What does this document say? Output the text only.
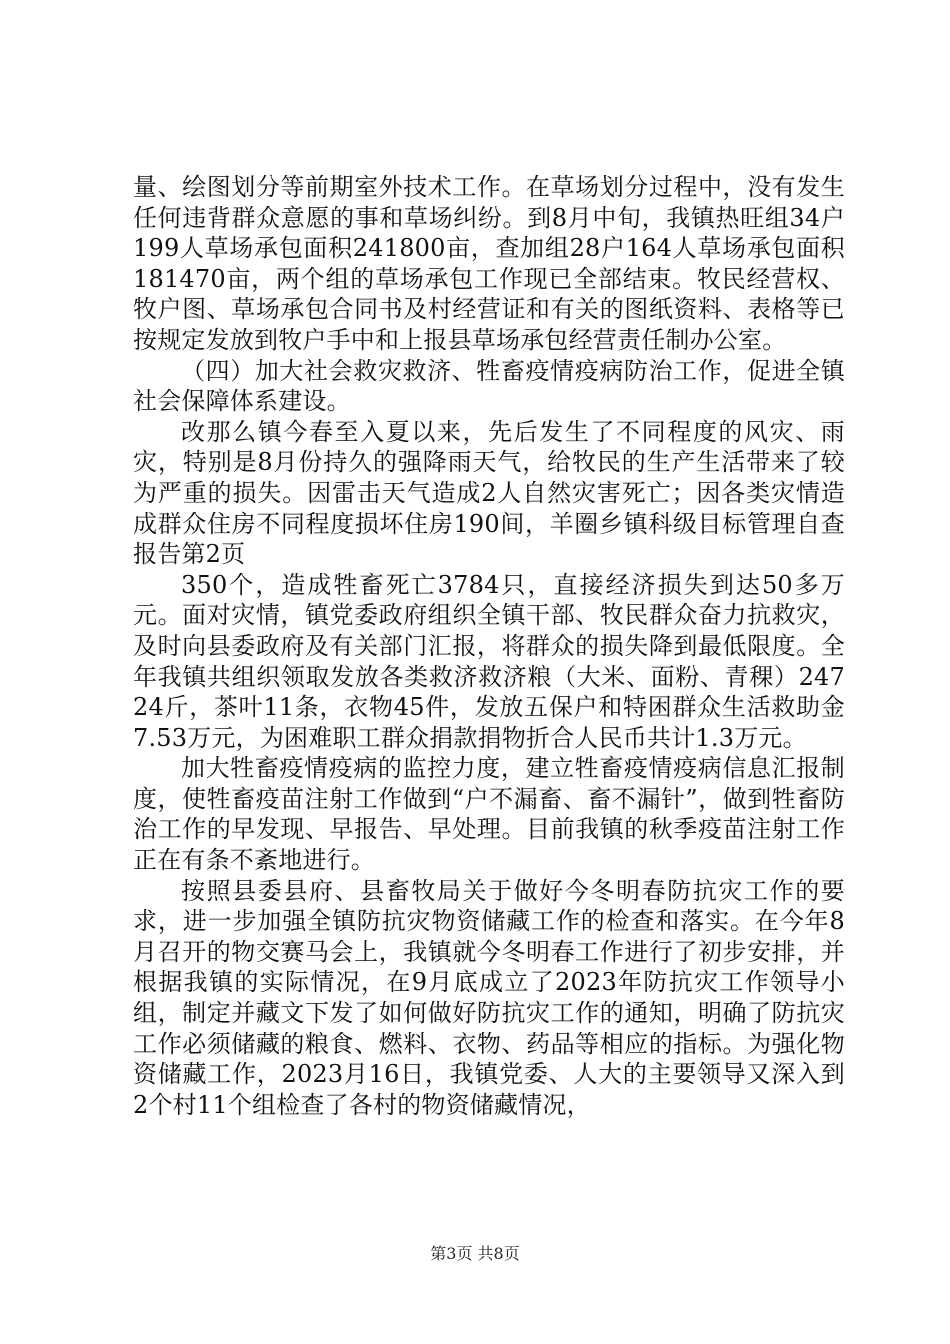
量、绘图划分等前期室外技术工作。在草场划分过程中，没有发生任何违背群众意愿的事和草场纠纷。到8月中旬，我镇热旺组34户199人草场承包面积241800亩，查加组28户164人草场承包面积181470亩，两个组的草场承包工作现已全部结束。牧民经营权、牧户图、草场承包合同书及村经营证和有关的图纸资料、表格等已按规定发放到牧户手中和上报县草场承包经营责任制办公室。

（四）加大社会救灾救济、牲畜疫情疫病防治工作，促进全镇社会保障体系建设。

改那么镇今春至入夏以来，先后发生了不同程度的风灾、雨灾，特别是8月份持久的强降雨天气，给牧民的生产生活带来了较为严重的损失。因雷击天气造成2人自然灾害死亡；因各类灾情造成群众住房不同程度损坏住房190间，羊圈乡镇科级目标管理自查报告第2页

350个，造成牲畜死亡3784只，直接经济损失到达50多万元。面对灾情，镇党委政府组织全镇干部、牧民群众奋力抗救灾，及时向县委政府及有关部门汇报，将群众的损失降到最低限度。全年我镇共组织领取发放各类救济救济粮（大米、面粉、青稞）24724斤，茶叶11条，衣物45件，发放五保户和特困群众生活救助金7.53万元，为困难职工群众捐款捐物折合人民币共计1.3万元。

加大牲畜疫情疫病的监控力度，建立牲畜疫情疫病信息汇报制度，使牲畜疫苗注射工作做到“户不漏畜、畜不漏针”，做到牲畜防治工作的早发现、早报告、早处理。目前我镇的秋季疫苗注射工作正在有条不紊地进行。

按照县委县府、县畜牧局关于做好今冬明春防抗灾工作的要求，进一步加强全镇防抗灾物资储藏工作的检查和落实。在今年8月召开的物交赛马会上，我镇就今冬明春工作进行了初步安排，并根据我镇的实际情况，在9月底成立了2023年防抗灾工作领导小组，制定并藏文下发了如何做好防抗灾工作的通知，明确了防抗灾工作必须储藏的粮食、燃料、衣物、药品等相应的指标。为强化物资储藏工作，2023月16日，我镇党委、人大的主要领导又深入到2个村11个组检查了各村的物资储藏情况，

第3页 共8页
